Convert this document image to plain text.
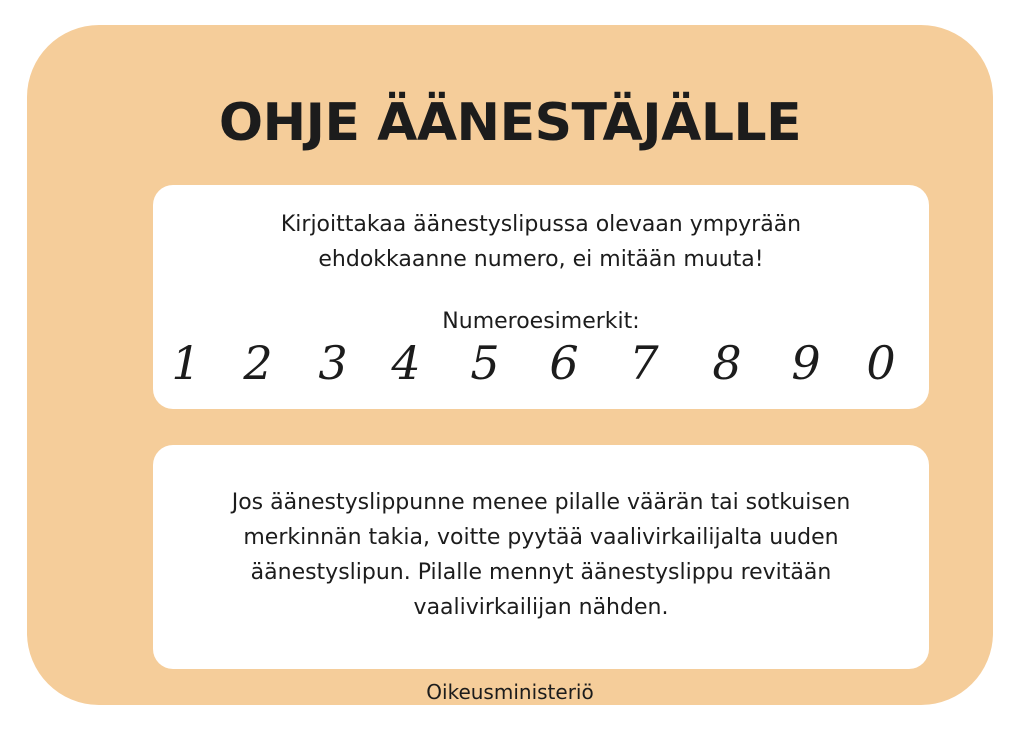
OHJE ÄÄNESTÄJÄLLE
Kirjoittakaa äänestyslipussa olevaan ympyrään
ehdokkaanne numero, ei mitään muuta!
Numeroesimerkit:
1 2 3 4 5 6 7 8 9 0
Jos äänestyslippunne menee pilalle väärän tai sotkuisen
merkinnän takia, voitte pyytää vaalivirkailijalta uuden
äänestyslipun. Pilalle mennyt äänestyslippu revitään
vaalivirkailijan nähden.
Oikeusministeriö
